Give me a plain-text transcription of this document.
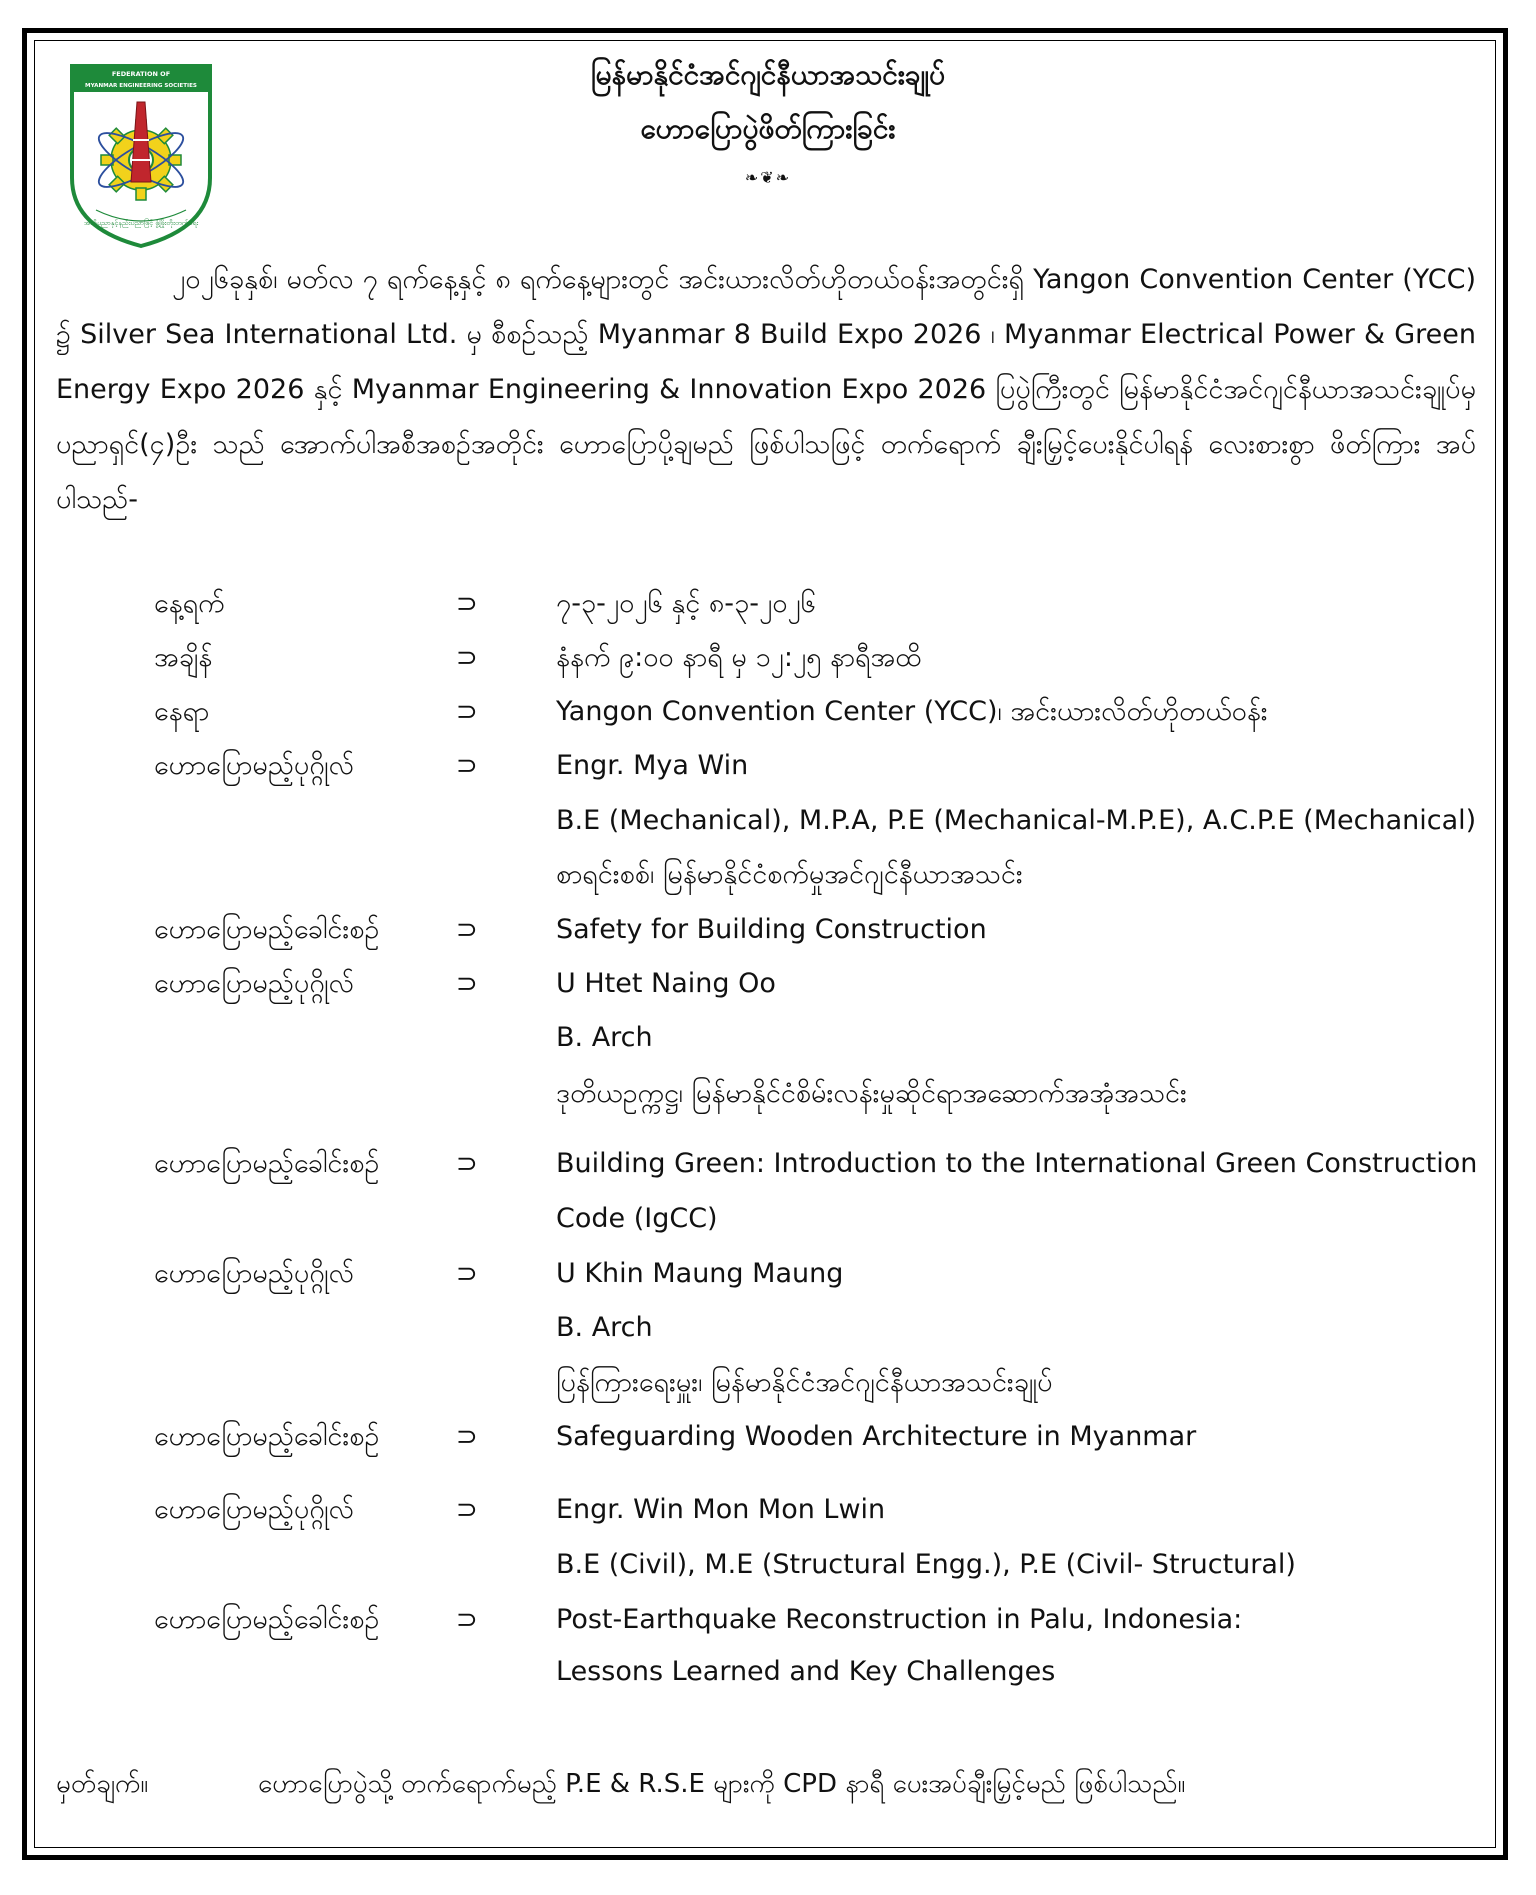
FEDERATION OF
MYANMAR ENGINEERING SOCIETIES
အသိပညာနှင့်နည်းပညာဖြင့် ဖွံ့ဖြိုးတိုးတက်ရေး
မြန်မာနိုင်ငံအင်ဂျင်နီယာအသင်းချုပ်
ဟောပြောပွဲဖိတ်ကြားခြင်း
❧❦❧

၂၀၂၆ခုနှစ်၊ မတ်လ ၇ ရက်နေ့နှင့် ၈ ရက်နေ့များတွင် အင်းယားလိတ်ဟိုတယ်ဝန်းအတွင်းရှိ Yangon Convention Center (YCC) ၌ Silver Sea International Ltd. မှ စီစဉ်သည့် Myanmar 8 Build Expo 2026 ၊ Myanmar Electrical Power & Green Energy Expo 2026 နှင့် Myanmar Engineering & Innovation Expo 2026 ပြပွဲကြီးတွင် မြန်မာနိုင်ငံအင်ဂျင်နီယာအသင်းချုပ်မှ ပညာရှင်(၄)ဦး သည် အောက်ပါအစီအစဉ်အတိုင်း ဟောပြောပို့ချမည် ဖြစ်ပါသဖြင့် တက်ရောက် ချီးမြှင့်ပေးနိုင်ပါရန် လေးစားစွာ ဖိတ်ကြား အပ်ပါသည်-

နေ့ရက်	⊃	၇-၃-၂၀၂၆ နှင့် ၈-၃-၂၀၂၆
အချိန်	⊃	နံနက် ၉:၀၀ နာရီ မှ ၁၂:၂၅ နာရီအထိ
နေရာ	⊃	Yangon Convention Center (YCC)၊ အင်းယားလိတ်ဟိုတယ်ဝန်း
ဟောပြောမည့်ပုဂ္ဂိုလ်	⊃	Engr. Mya Win
B.E (Mechanical), M.P.A, P.E (Mechanical-M.P.E), A.C.P.E (Mechanical)
စာရင်းစစ်၊ မြန်မာနိုင်ငံစက်မှုအင်ဂျင်နီယာအသင်း
ဟောပြောမည့်ခေါင်းစဉ်	⊃	Safety for Building Construction
ဟောပြောမည့်ပုဂ္ဂိုလ်	⊃	U Htet Naing Oo
B. Arch
ဒုတိယဥက္ကဋ္ဌ၊ မြန်မာနိုင်ငံစိမ်းလန်းမှုဆိုင်ရာအဆောက်အအုံအသင်း
ဟောပြောမည့်ခေါင်းစဉ်	⊃	Building Green: Introduction to the International Green Construction
Code (IgCC)
ဟောပြောမည့်ပုဂ္ဂိုလ်	⊃	U Khin Maung Maung
B. Arch
ပြန်ကြားရေးမှူး၊ မြန်မာနိုင်ငံအင်ဂျင်နီယာအသင်းချုပ်
ဟောပြောမည့်ခေါင်းစဉ်	⊃	Safeguarding Wooden Architecture in Myanmar
ဟောပြောမည့်ပုဂ္ဂိုလ်	⊃	Engr. Win Mon Mon Lwin
B.E (Civil), M.E (Structural Engg.), P.E (Civil- Structural)
ဟောပြောမည့်ခေါင်းစဉ်	⊃	Post-Earthquake Reconstruction in Palu, Indonesia:
Lessons Learned and Key Challenges
မှတ်ချက်။	ဟောပြောပွဲသို့ တက်ရောက်မည့် P.E & R.S.E များကို CPD နာရီ ပေးအပ်ချီးမြှင့်မည် ဖြစ်ပါသည်။
